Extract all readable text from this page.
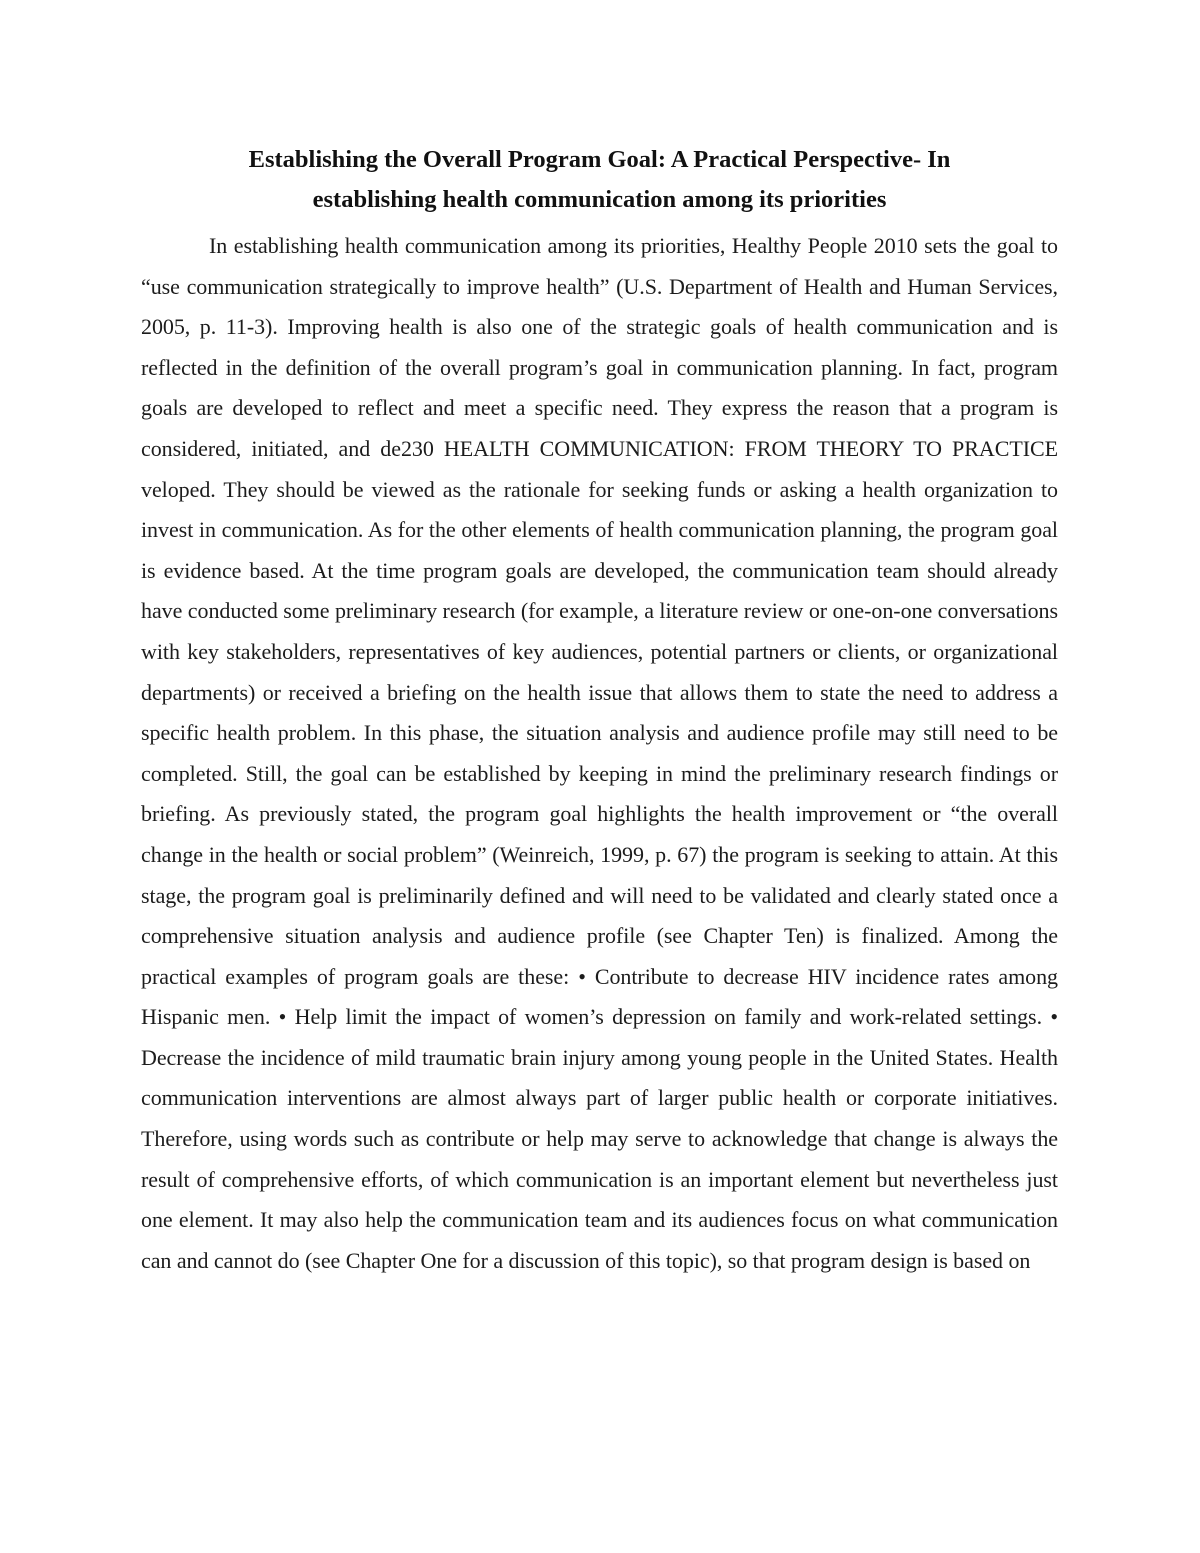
Establishing the Overall Program Goal: A Practical Perspective- In
establishing health communication among its priorities

In establishing health communication among its priorities, Healthy People 2010 sets the goal to “use communication strategically to improve health” (U.S. Department of Health and Human Services, 2005, p. 11-3). Improving health is also one of the strategic goals of health communication and is reflected in the definition of the overall program’s goal in communication planning. In fact, program goals are developed to reflect and meet a specific need. They express the reason that a program is considered, initiated, and de230 HEALTH COMMUNICATION: FROM THEORY TO PRACTICE veloped. They should be viewed as the rationale for seeking funds or asking a health organization to invest in communication. As for the other elements of health communication planning, the program goal is evidence based. At the time program goals are developed, the communication team should already have conducted some preliminary research (for example, a literature review or one-on-one conversations with key stakeholders, representatives of key audiences, potential partners or clients, or organizational departments) or received a briefing on the health issue that allows them to state the need to address a specific health problem. In this phase, the situation analysis and audience profile may still need to be completed. Still, the goal can be established by keeping in mind the preliminary research findings or briefing. As previously stated, the program goal highlights the health improvement or “the overall change in the health or social problem” (Weinreich, 1999, p. 67) the program is seeking to attain. At this stage, the program goal is preliminarily defined and will need to be validated and clearly stated once a comprehensive situation analysis and audience profile (see Chapter Ten) is finalized. Among the practical examples of program goals are these: • Contribute to decrease HIV incidence rates among Hispanic men. • Help limit the impact of women’s depression on family and work-related settings. • Decrease the incidence of mild traumatic brain injury among young people in the United States. Health communication interventions are almost always part of larger public health or corporate initiatives. Therefore, using words such as contribute or help may serve to acknowledge that change is always the result of comprehensive efforts, of which communication is an important element but nevertheless just one element. It may also help the communication team and its audiences focus on what communication can and cannot do (see Chapter One for a discussion of this topic), so that program design is based on
